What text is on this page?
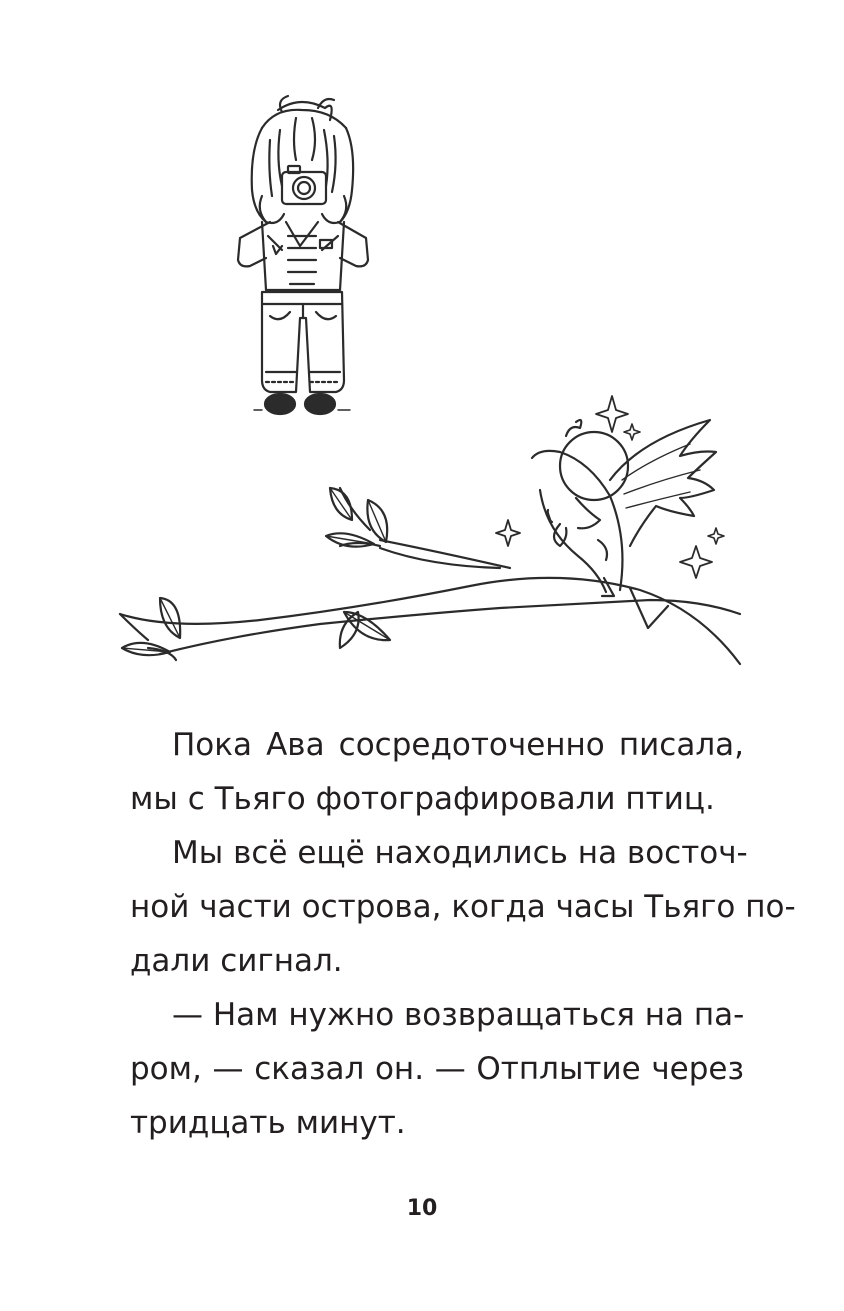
Пока Ава сосредоточенно писала,
мы с Тьяго фотографировали птиц.

Мы всё ещё находились на восточ-
ной части острова, когда часы Тьяго по-
дали сигнал.

— Нам нужно возвращаться на па-
ром, — сказал он. — Отплытие через
тридцать минут.

10
